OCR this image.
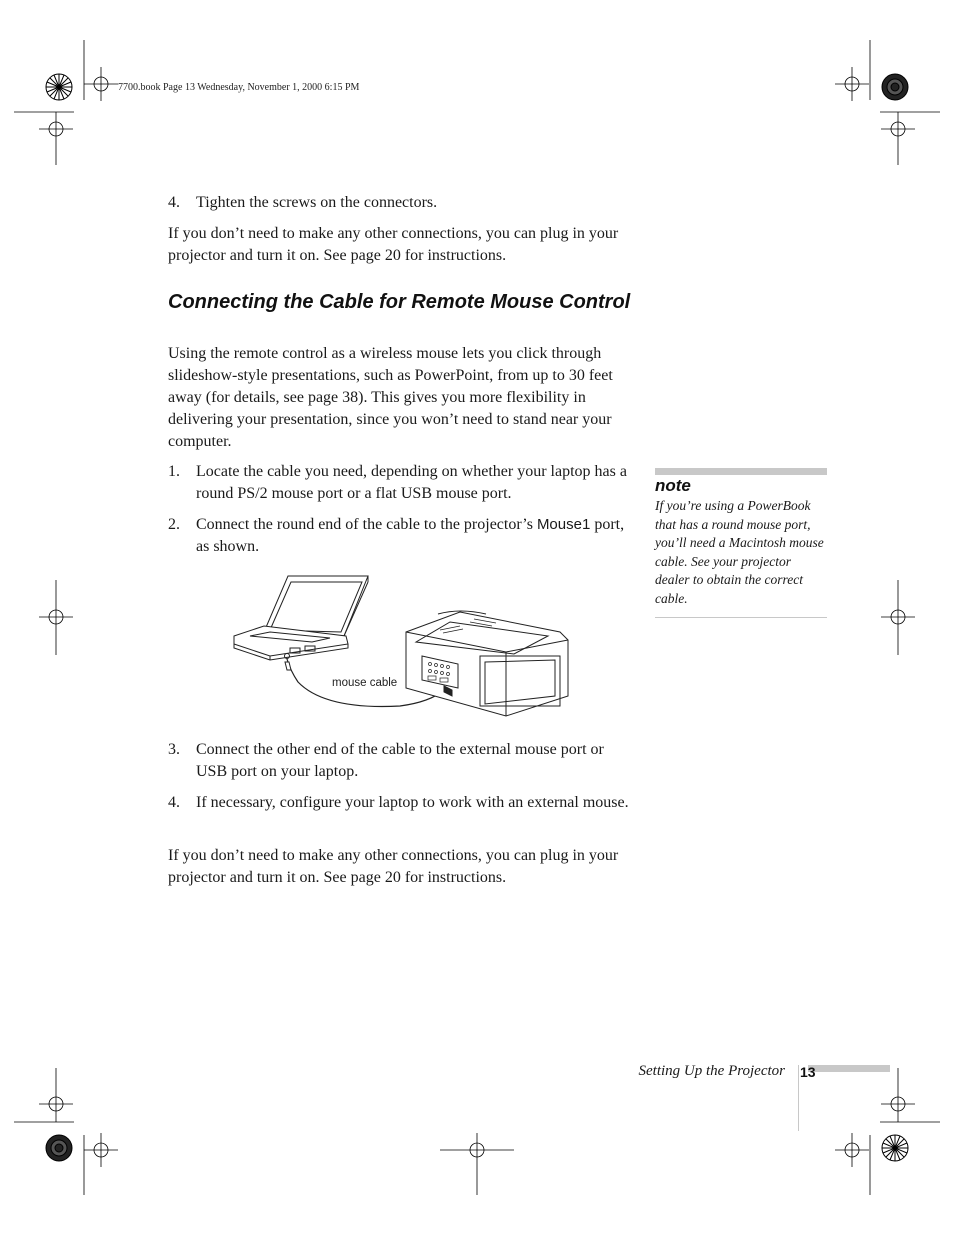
7700.book Page 13 Wednesday, November 1, 2000 6:15 PM
4.	Tighten the screws on the connectors.
If you don’t need to make any other connections, you can plug in your projector and turn it on. See page 20 for instructions.
Connecting the Cable for Remote Mouse Control
Using the remote control as a wireless mouse lets you click through slideshow-style presentations, such as PowerPoint, from up to 30 feet away (for details, see page 38). This gives you more flexibility in delivering your presentation, since you won’t need to stand near your computer.
1.	Locate the cable you need, depending on whether your laptop has a round PS/2 mouse port or a flat USB mouse port.
2.	Connect the round end of the cable to the projector’s Mouse1 port, as shown.
mouse cable
3.	Connect the other end of the cable to the external mouse port or USB port on your laptop.
4.	If necessary, configure your laptop to work with an external mouse.
If you don’t need to make any other connections, you can plug in your projector and turn it on. See page 20 for instructions.
note
If you’re using a PowerBook that has a round mouse port, you’ll need a Macintosh mouse cable. See your projector dealer to obtain the correct cable.
Setting Up the Projector 13
